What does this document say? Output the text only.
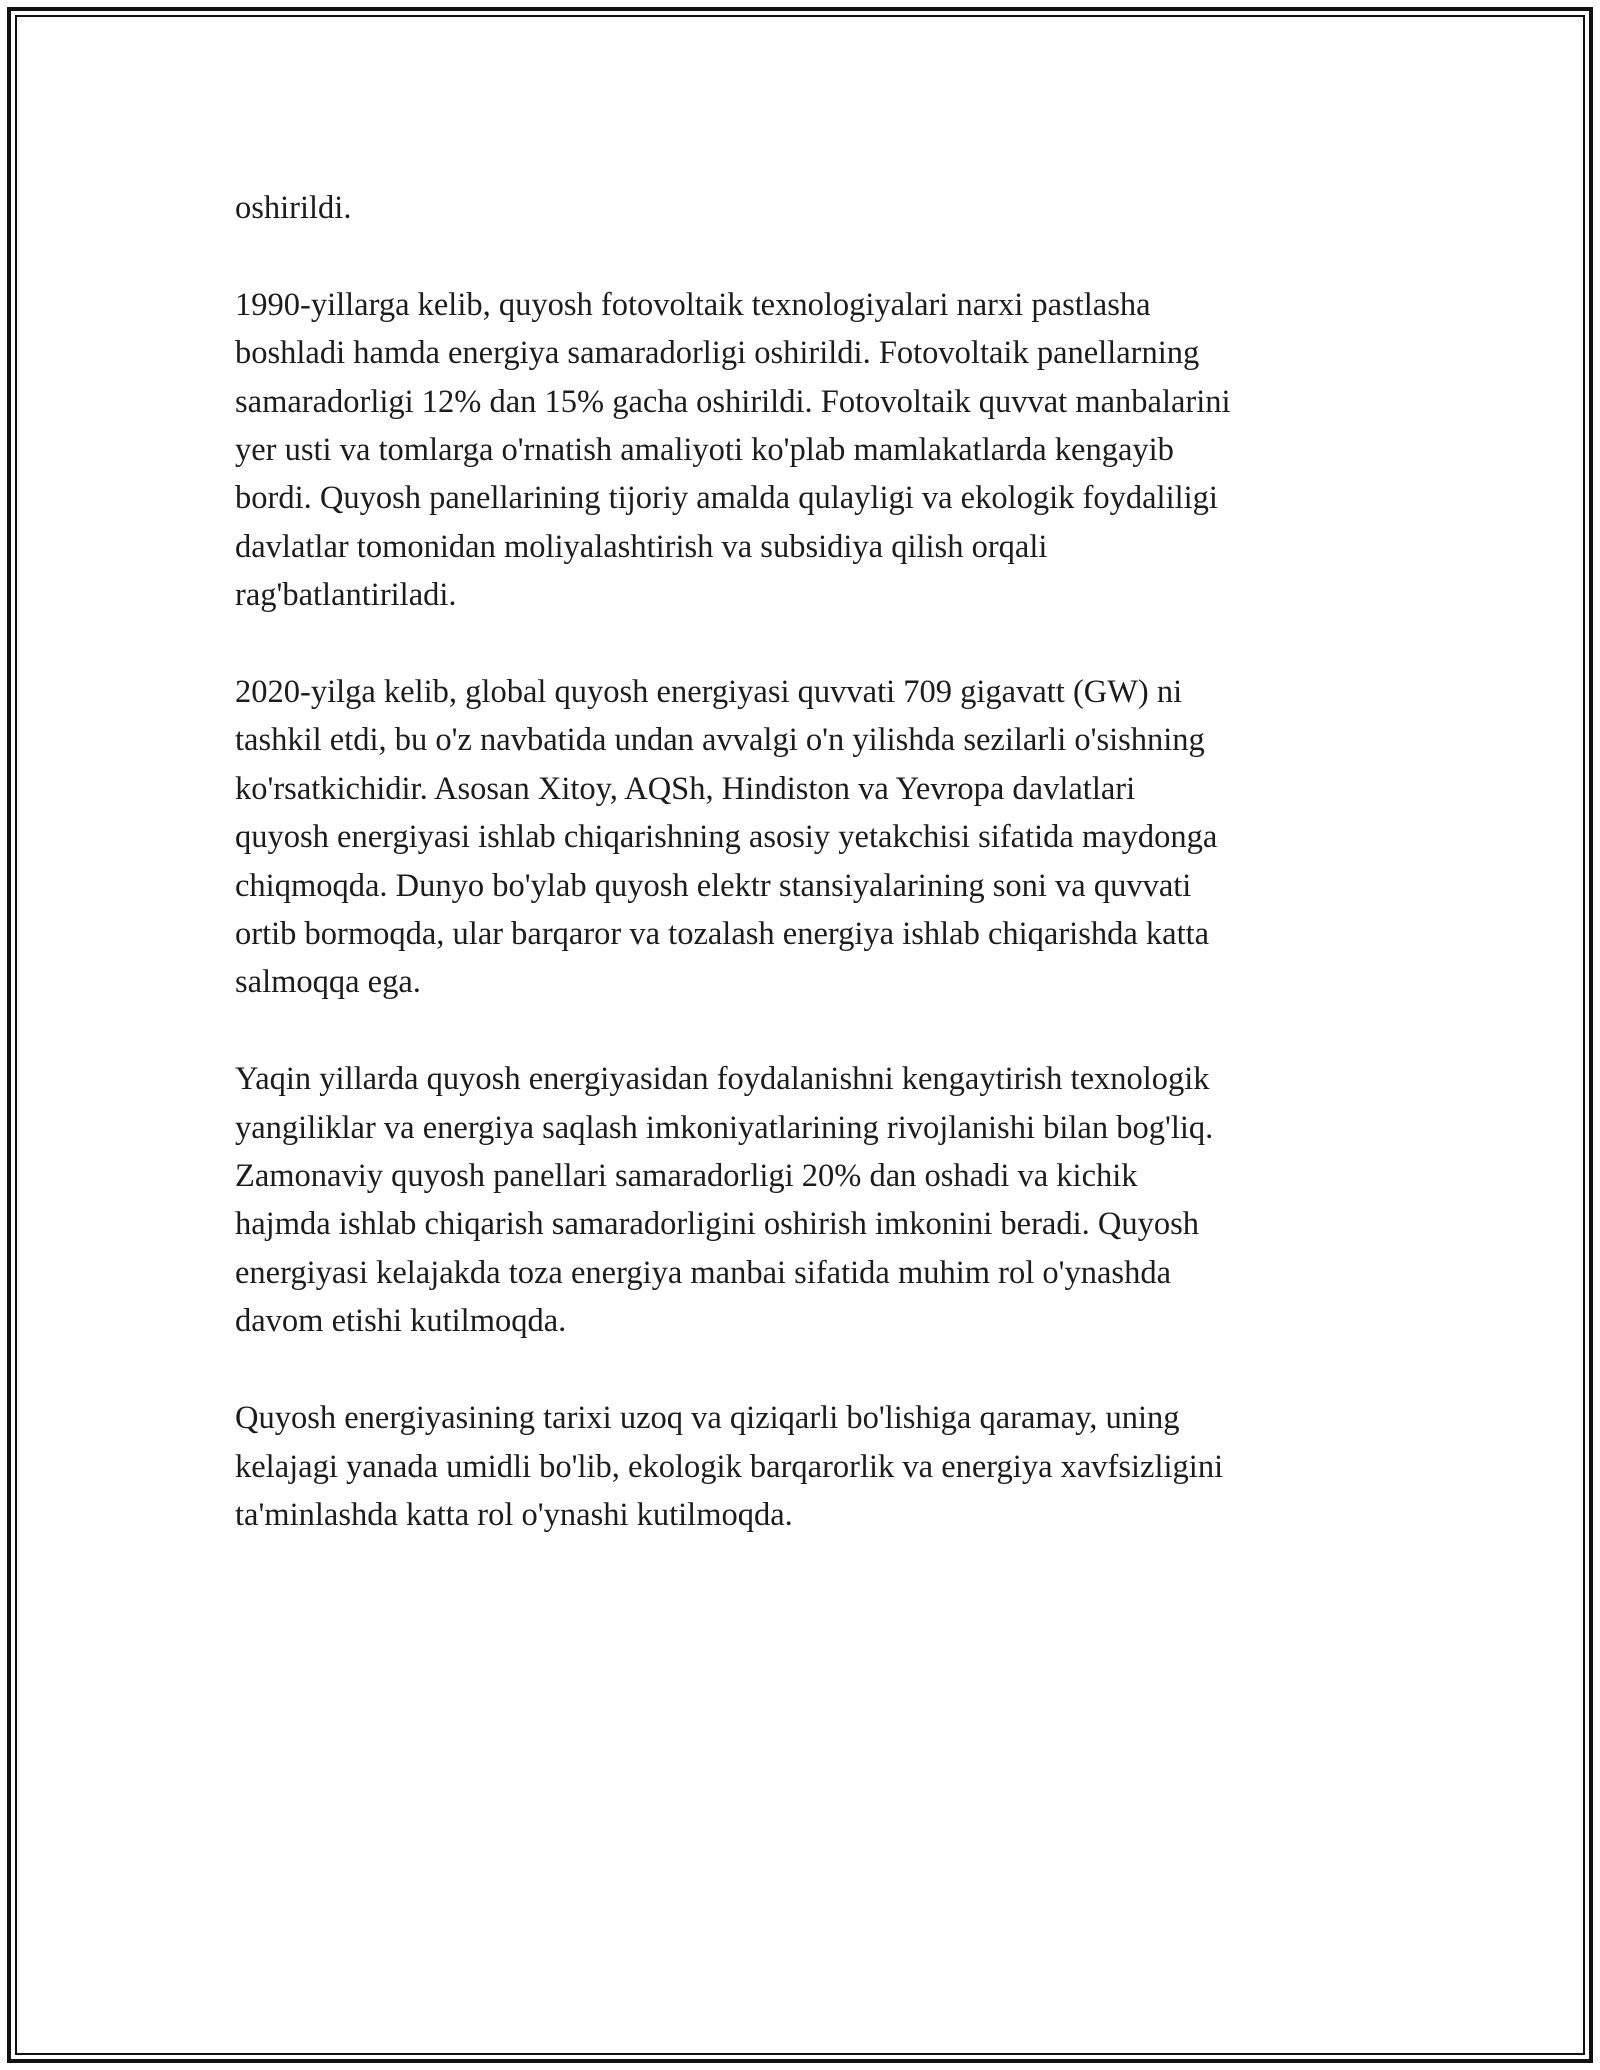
oshirildi.

1990-yillarga kelib, quyosh fotovoltaik texnologiyalari narxi pastlasha
boshladi hamda energiya samaradorligi oshirildi. Fotovoltaik panellarning
samaradorligi 12% dan 15% gacha oshirildi. Fotovoltaik quvvat manbalarini
yer usti va tomlarga o'rnatish amaliyoti ko'plab mamlakatlarda kengayib
bordi. Quyosh panellarining tijoriy amalda qulayligi va ekologik foydaliligi
davlatlar tomonidan moliyalashtirish va subsidiya qilish orqali
rag'batlantiriladi.

2020-yilga kelib, global quyosh energiyasi quvvati 709 gigavatt (GW) ni
tashkil etdi, bu o'z navbatida undan avvalgi o'n yilishda sezilarli o'sishning
ko'rsatkichidir. Asosan Xitoy, AQSh, Hindiston va Yevropa davlatlari
quyosh energiyasi ishlab chiqarishning asosiy yetakchisi sifatida maydonga
chiqmoqda. Dunyo bo'ylab quyosh elektr stansiyalarining soni va quvvati
ortib bormoqda, ular barqaror va tozalash energiya ishlab chiqarishda katta
salmoqqa ega.

Yaqin yillarda quyosh energiyasidan foydalanishni kengaytirish texnologik
yangiliklar va energiya saqlash imkoniyatlarining rivojlanishi bilan bog'liq.
Zamonaviy quyosh panellari samaradorligi 20% dan oshadi va kichik
hajmda ishlab chiqarish samaradorligini oshirish imkonini beradi. Quyosh
energiyasi kelajakda toza energiya manbai sifatida muhim rol o'ynashda
davom etishi kutilmoqda.

Quyosh energiyasining tarixi uzoq va qiziqarli bo'lishiga qaramay, uning
kelajagi yanada umidli bo'lib, ekologik barqarorlik va energiya xavfsizligini
ta'minlashda katta rol o'ynashi kutilmoqda.
